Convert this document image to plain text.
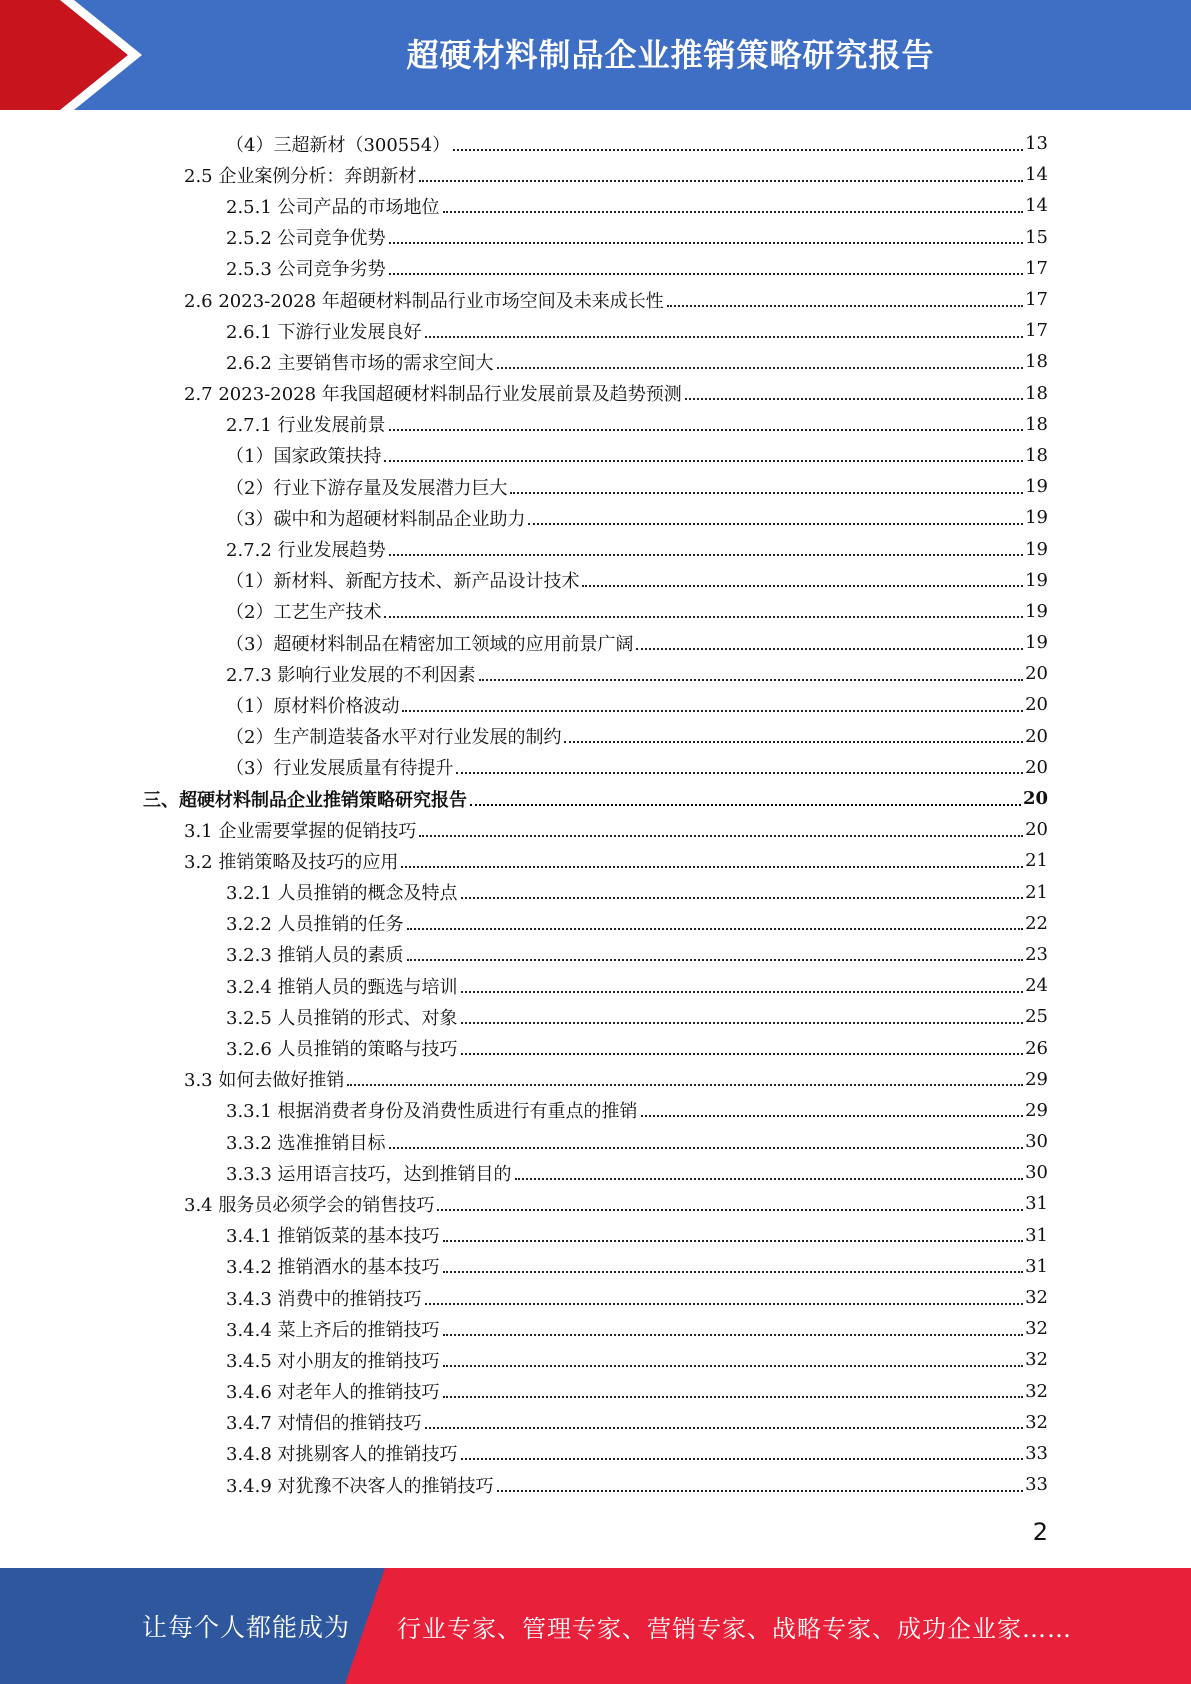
超硬材料制品企业推销策略研究报告
（4）三超新材（300554）	13
2.5 企业案例分析：奔朗新材	14
2.5.1 公司产品的市场地位	14
2.5.2 公司竞争优势	15
2.5.3 公司竞争劣势	17
2.6 2023-2028 年超硬材料制品行业市场空间及未来成长性	17
2.6.1 下游行业发展良好	17
2.6.2 主要销售市场的需求空间大	18
2.7 2023-2028 年我国超硬材料制品行业发展前景及趋势预测	18
2.7.1 行业发展前景	18
（1）国家政策扶持	18
（2）行业下游存量及发展潜力巨大	19
（3）碳中和为超硬材料制品企业助力	19
2.7.2 行业发展趋势	19
（1）新材料、新配方技术、新产品设计技术	19
（2）工艺生产技术	19
（3）超硬材料制品在精密加工领域的应用前景广阔	19
2.7.3 影响行业发展的不利因素	20
（1）原材料价格波动	20
（2）生产制造装备水平对行业发展的制约	20
（3）行业发展质量有待提升	20
三、超硬材料制品企业推销策略研究报告	20
3.1 企业需要掌握的促销技巧	20
3.2 推销策略及技巧的应用	21
3.2.1 人员推销的概念及特点	21
3.2.2 人员推销的任务	22
3.2.3 推销人员的素质	23
3.2.4 推销人员的甄选与培训	24
3.2.5 人员推销的形式、对象	25
3.2.6 人员推销的策略与技巧	26
3.3 如何去做好推销	29
3.3.1 根据消费者身份及消费性质进行有重点的推销	29
3.3.2 选准推销目标	30
3.3.3 运用语言技巧，达到推销目的	30
3.4 服务员必须学会的销售技巧	31
3.4.1 推销饭菜的基本技巧	31
3.4.2 推销酒水的基本技巧	31
3.4.3 消费中的推销技巧	32
3.4.4 菜上齐后的推销技巧	32
3.4.5 对小朋友的推销技巧	32
3.4.6 对老年人的推销技巧	32
3.4.7 对情侣的推销技巧	32
3.4.8 对挑剔客人的推销技巧	33
3.4.9 对犹豫不决客人的推销技巧	33
2
让每个人都能成为 行业专家、管理专家、营销专家、战略专家、成功企业家……
